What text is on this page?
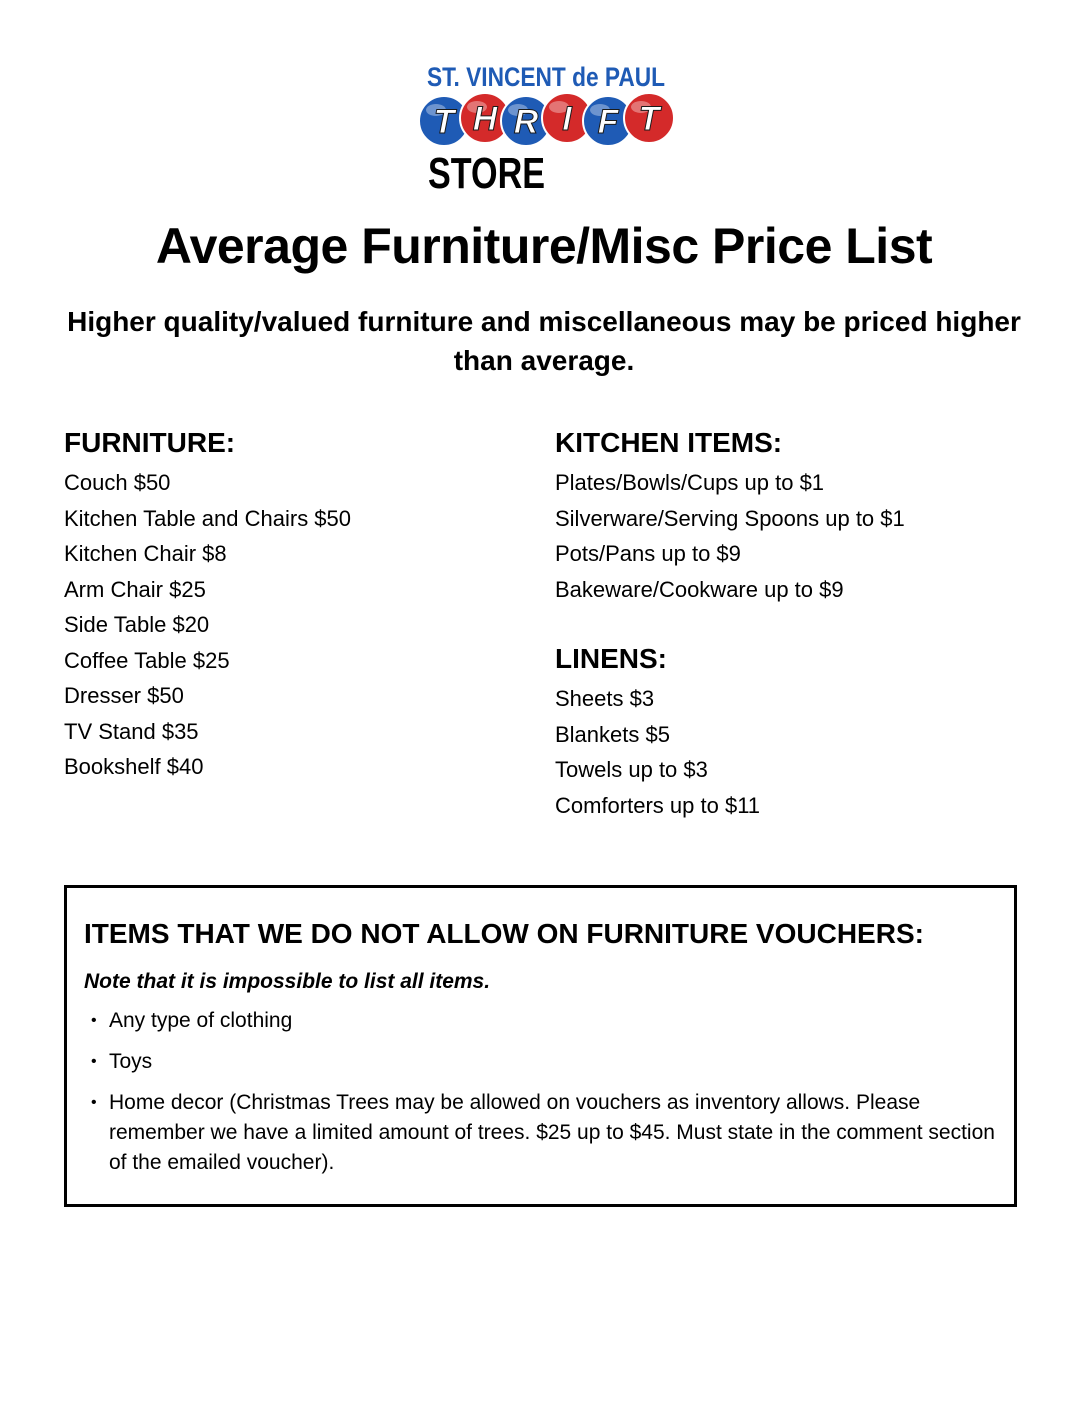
ST. VINCENT de PAUL
T H R I F T
STORE
Average Furniture/Misc Price List

Higher quality/valued furniture and miscellaneous may be priced higher than average.

FURNITURE:
Couch $50
Kitchen Table and Chairs $50
Kitchen Chair $8
Arm Chair $25
Side Table $20
Coffee Table $25
Dresser $50
TV Stand $35
Bookshelf $40
KITCHEN ITEMS:
Plates/Bowls/Cups up to $1
Silverware/Serving Spoons up to $1
Pots/Pans up to $9
Bakeware/Cookware up to $9
LINENS:
Sheets $3
Blankets $5
Towels up to $3
Comforters up to $11
ITEMS THAT WE DO NOT ALLOW ON FURNITURE VOUCHERS:
Note that it is impossible to list all items.
• Any type of clothing
• Toys
• Home decor (Christmas Trees may be allowed on vouchers as inventory allows. Please remember we have a limited amount of trees. $25 up to $45. Must state in the comment section of the emailed voucher).
